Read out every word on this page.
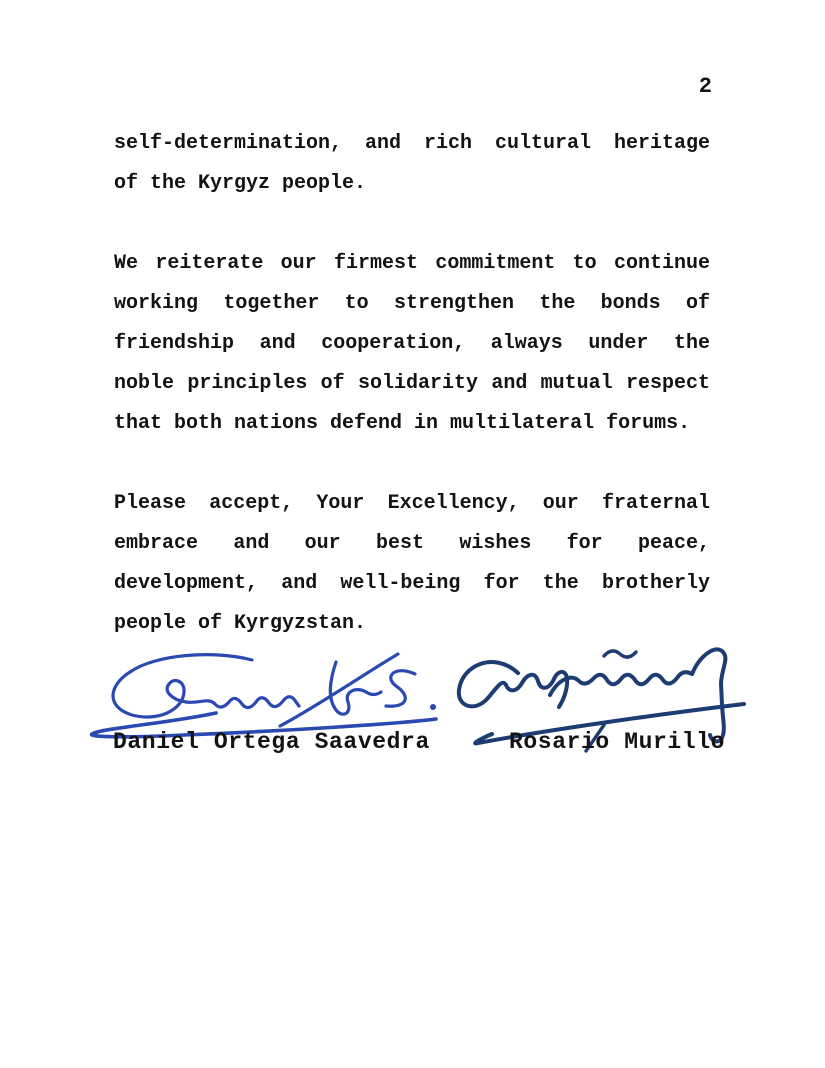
2
self-determination, and rich cultural heritage
of the Kyrgyz people.
We reiterate our firmest commitment to continue
working together to strengthen the bonds of
friendship and cooperation, always under the
noble principles of solidarity and mutual respect
that both nations defend in multilateral forums.
Please accept, Your Excellency, our fraternal
embrace and our best wishes for peace,
development, and well-being for the brotherly
people of Kyrgyzstan.
Daniel Ortega Saavedra	Rosario Murillo
